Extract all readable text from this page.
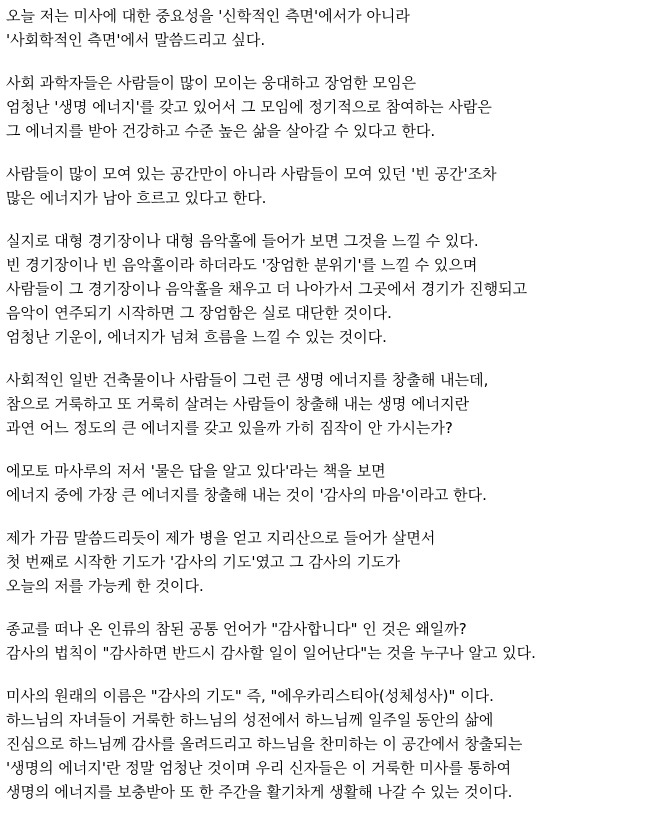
오늘 저는 미사에 대한 중요성을 '신학적인 측면'에서가 아니라
'사회학적인 측면'에서 말씀드리고 싶다.
사회 과학자들은 사람들이 많이 모이는 웅대하고 장엄한 모임은
엄청난 '생명 에너지'를 갖고 있어서 그 모임에 정기적으로 참여하는 사람은
그 에너지를 받아 건강하고 수준 높은 삶을 살아갈 수 있다고 한다.
사람들이 많이 모여 있는 공간만이 아니라 사람들이 모여 있던 '빈 공간'조차
많은 에너지가 남아 흐르고 있다고 한다.
실지로 대형 경기장이나 대형 음악홀에 들어가 보면 그것을 느낄 수 있다.
빈 경기장이나 빈 음악홀이라 하더라도 '장엄한 분위기'를 느낄 수 있으며
사람들이 그 경기장이나 음악홀을 채우고 더 나아가서 그곳에서 경기가 진행되고
음악이 연주되기 시작하면 그 장엄함은 실로 대단한 것이다.
엄청난 기운이, 에너지가 넘쳐 흐름을 느낄 수 있는 것이다.
사회적인 일반 건축물이나 사람들이 그런 큰 생명 에너지를 창출해 내는데,
참으로 거룩하고 또 거룩히 살려는 사람들이 창출해 내는 생명 에너지란
과연 어느 정도의 큰 에너지를 갖고 있을까 가히 짐작이 안 가시는가?
에모토 마사루의 저서 '물은 답을 알고 있다'라는 책을 보면
에너지 중에 가장 큰 에너지를 창출해 내는 것이 '감사의 마음'이라고 한다.
제가 가끔 말씀드리듯이 제가 병을 얻고 지리산으로 들어가 살면서
첫 번째로 시작한 기도가 '감사의 기도'였고 그 감사의 기도가
오늘의 저를 가능케 한 것이다.
종교를 떠나 온 인류의 참된 공통 언어가 "감사합니다" 인 것은 왜일까?
감사의 법칙이 "감사하면 반드시 감사할 일이 일어난다"는 것을 누구나 알고 있다.
미사의 원래의 이름은 "감사의 기도" 즉, "에우카리스티아(성체성사)" 이다.
하느님의 자녀들이 거룩한 하느님의 성전에서 하느님께 일주일 동안의 삶에
진심으로 하느님께 감사를 올려드리고 하느님을 찬미하는 이 공간에서 창출되는
'생명의 에너지'란 정말 엄청난 것이며 우리 신자들은 이 거룩한 미사를 통하여
생명의 에너지를 보충받아 또 한 주간을 활기차게 생활해 나갈 수 있는 것이다.
